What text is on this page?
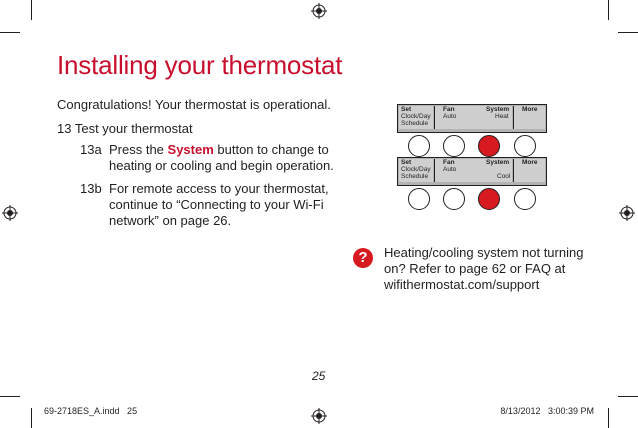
Installing your thermostat
Congratulations! Your thermostat is operational.
13 Test your thermostat
13a Press the System button to change to
heating or cooling and begin operation.
13b For remote access to your thermostat,
continue to “Connecting to your Wi-Fi
network” on page 26.
Set
Clock/Day
Schedule
Fan
Auto
System
Heat
More
Set
Clock/Day
Schedule
Fan
Auto
System
Cool
More
?	Heating/cooling system not turning
on? Refer to page 62 or FAQ at
wifithermostat.com/support
25
69-2718ES_A.indd   25	8/13/2012   3:00:39 PM
